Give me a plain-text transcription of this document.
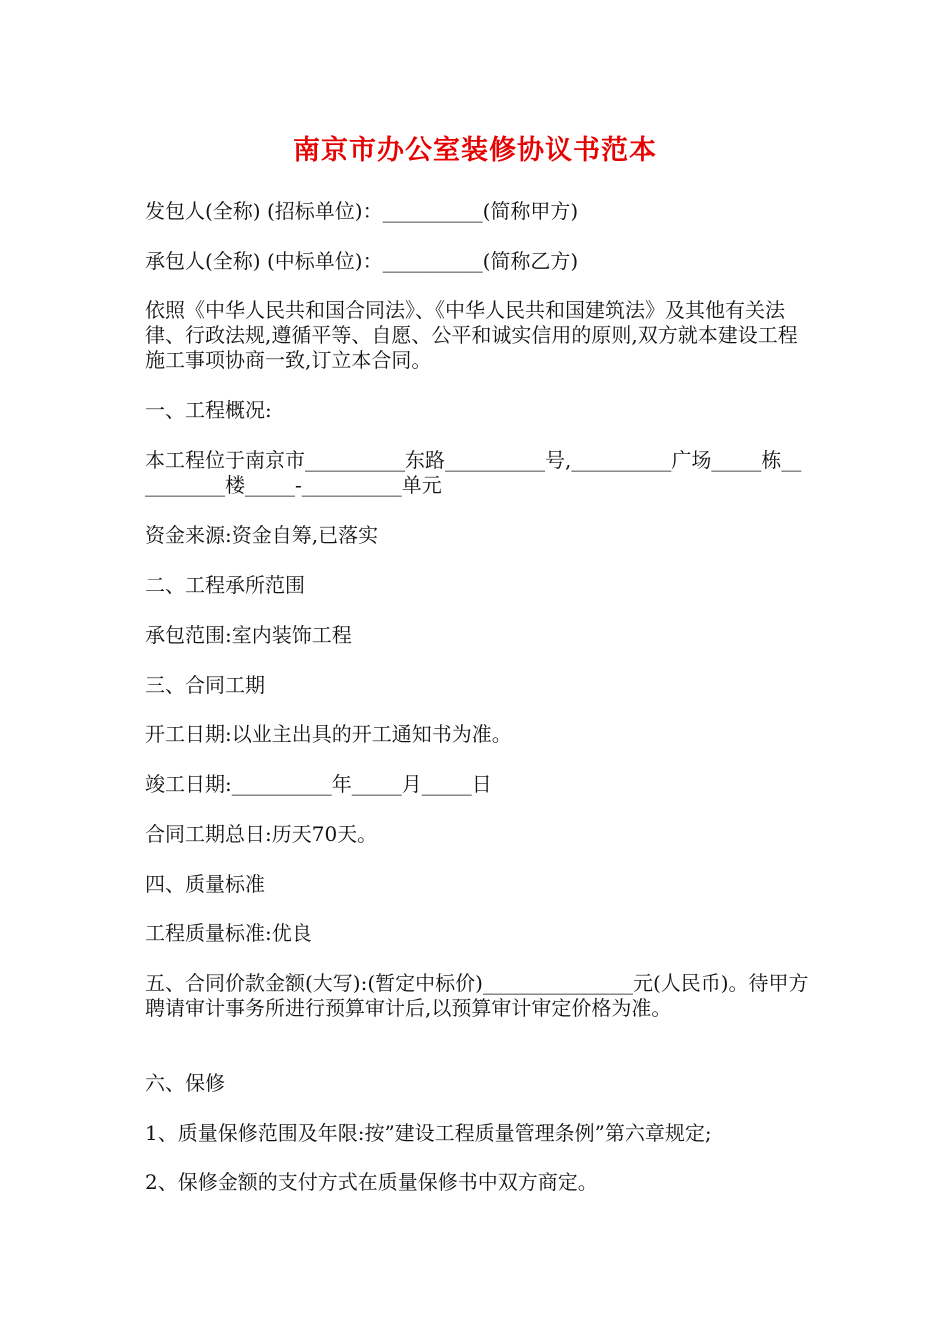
南京市办公室装修协议书范本
发包人(全称) (招标单位)：__________(简称甲方)
承包人(全称) (中标单位)：__________(简称乙方)
依照《中华人民共和国合同法》、《中华人民共和国建筑法》及其他有关法律、行政法规,遵循平等、自愿、公平和诚实信用的原则,双方就本建设工程施工事项协商一致,订立本合同。
一、工程概况:
本工程位于南京市__________东路__________号,__________广场_____栋__________楼_____-__________单元
资金来源:资金自筹,已落实
二、工程承所范围
承包范围:室内装饰工程
三、合同工期
开工日期:以业主出具的开工通知书为准。
竣工日期:__________年_____月_____日
合同工期总日:历天70天。
四、质量标准
工程质量标准:优良
五、合同价款金额(大写):(暂定中标价)_______________元(人民币)。待甲方聘请审计事务所进行预算审计后,以预算审计审定价格为准。
六、保修
1、质量保修范围及年限:按”建设工程质量管理条例”第六章规定;
2、保修金额的支付方式在质量保修书中双方商定。
